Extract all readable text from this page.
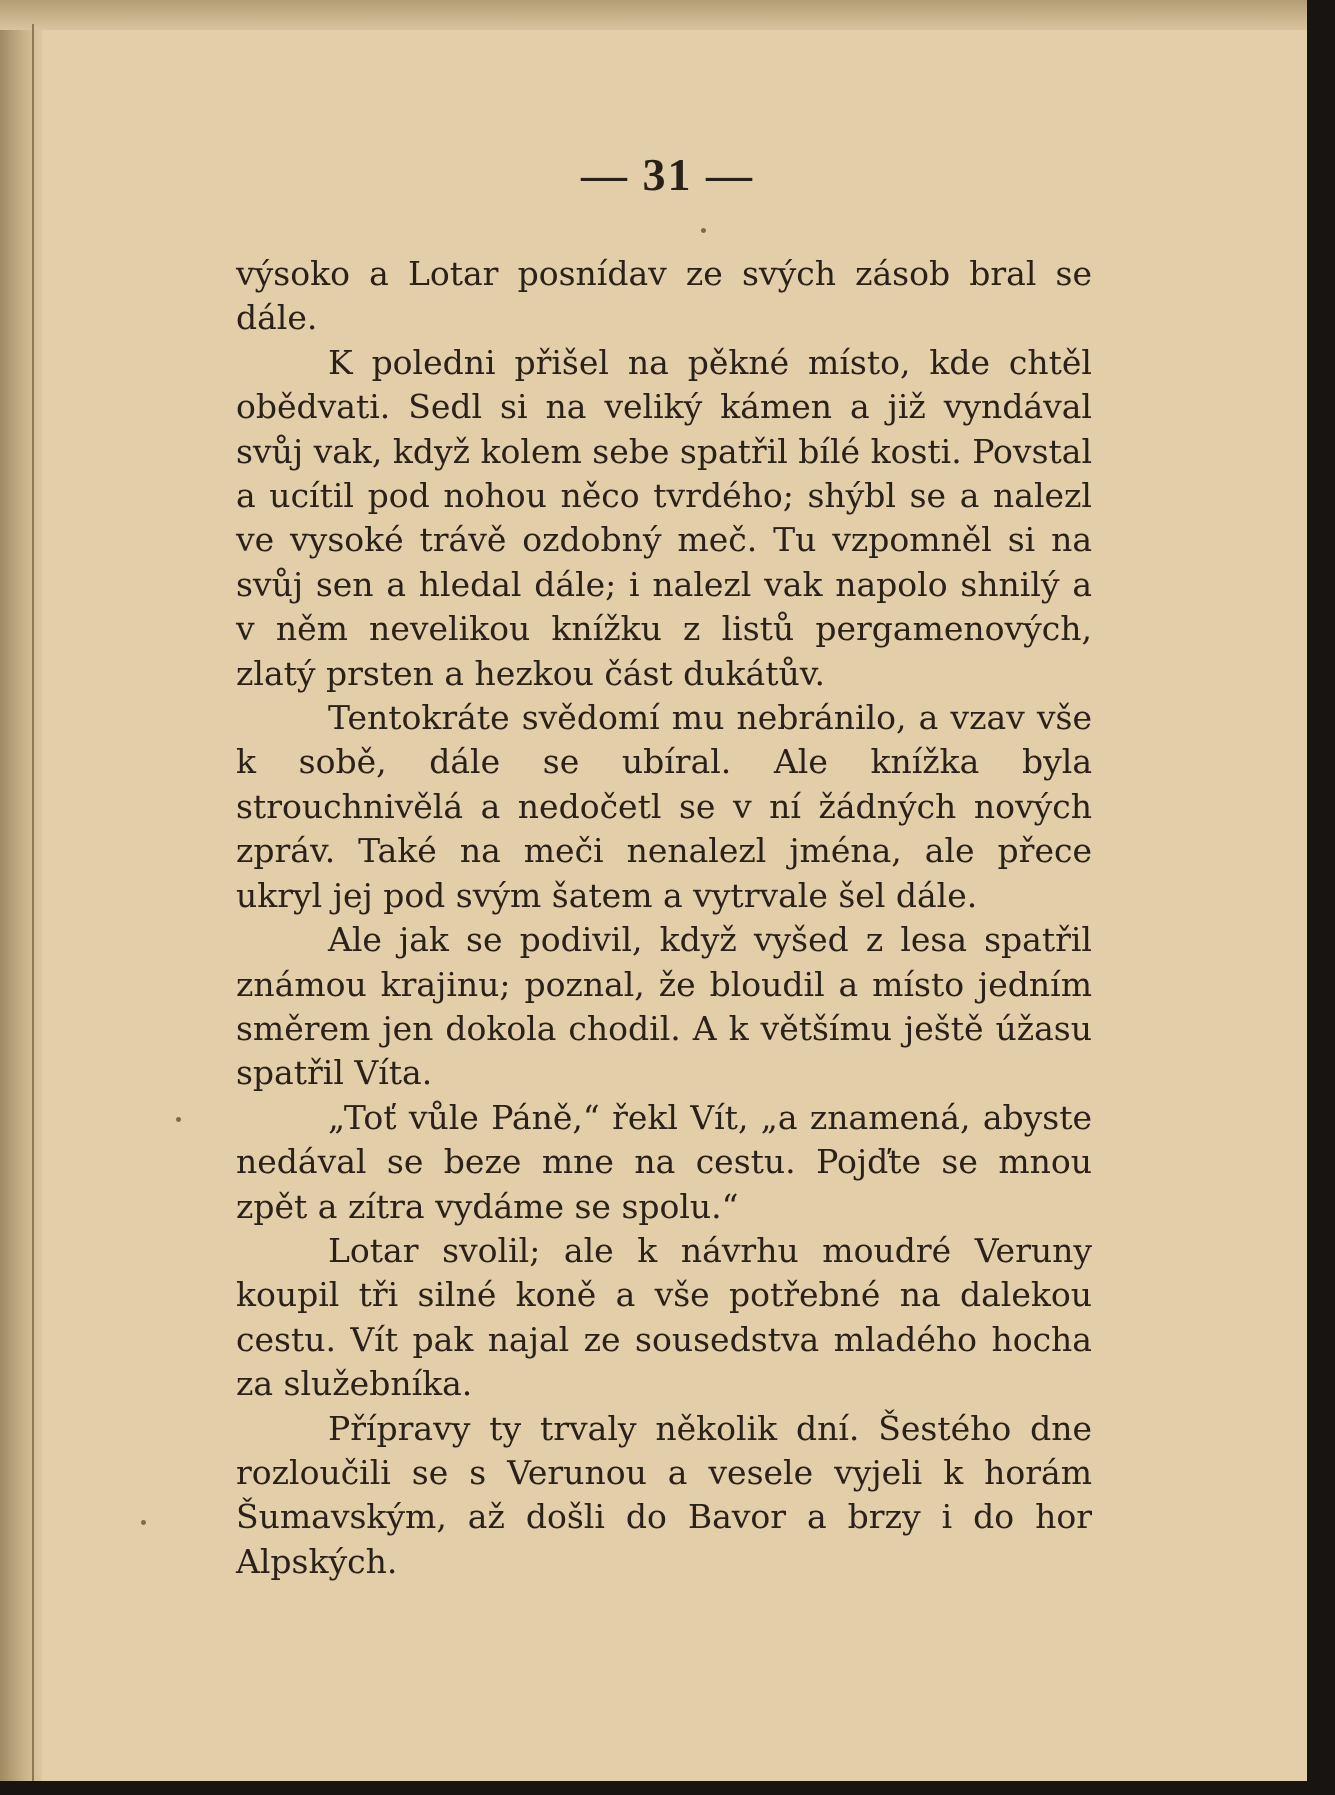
— 31 —

výsoko a Lotar posnídav ze svých zásob bral se dále.

K poledni přišel na pěkné místo, kde chtěl obědvati. Sedl si na veliký kámen a již vyndával svůj vak, když kolem sebe spatřil bílé kosti. Povstal a ucítil pod nohou něco tvrdého; shýbl se a nalezl ve vysoké trávě ozdobný meč. Tu vzpomněl si na svůj sen a hledal dále; i nalezl vak napolo shnilý a v něm nevelikou knížku z listů pergamenových, zlatý prsten a hezkou část dukátův.

Tentokráte svědomí mu nebránilo, a vzav vše k sobě, dále se ubíral. Ale knížka byla strouchnivělá a nedočetl se v ní žádných nových zpráv. Také na meči nenalezl jména, ale přece ukryl jej pod svým šatem a vytrvale šel dále.

Ale jak se podivil, když vyšed z lesa spatřil známou krajinu; poznal, že bloudil a místo jedním směrem jen dokola chodil. A k většímu ještě úžasu spatřil Víta.

„Toť vůle Páně,“ řekl Vít, „a znamená, abyste nedával se beze mne na cestu. Pojďte se mnou zpět a zítra vydáme se spolu.“

Lotar svolil; ale k návrhu moudré Veruny koupil tři silné koně a vše potřebné na dalekou cestu. Vít pak najal ze sousedstva mladého hocha za služebníka.

Přípravy ty trvaly několik dní. Šestého dne rozloučili se s Verunou a vesele vyjeli k horám Šumavským, až došli do Bavor a brzy i do hor Alpských.
